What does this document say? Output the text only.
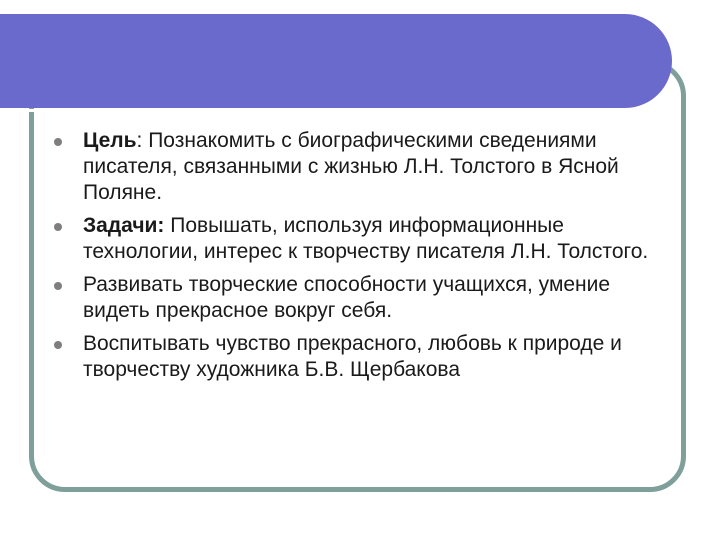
Цель: Познакомить с биографическими сведениями писателя, связанными с жизнью Л.Н. Толстого в Ясной Поляне.
Задачи: Повышать, используя информационные технологии, интерес к творчеству писателя Л.Н. Толстого.
Развивать творческие способности учащихся, умение видеть прекрасное вокруг себя.
Воспитывать чувство прекрасного, любовь к природе и творчеству художника Б.В. Щербакова
